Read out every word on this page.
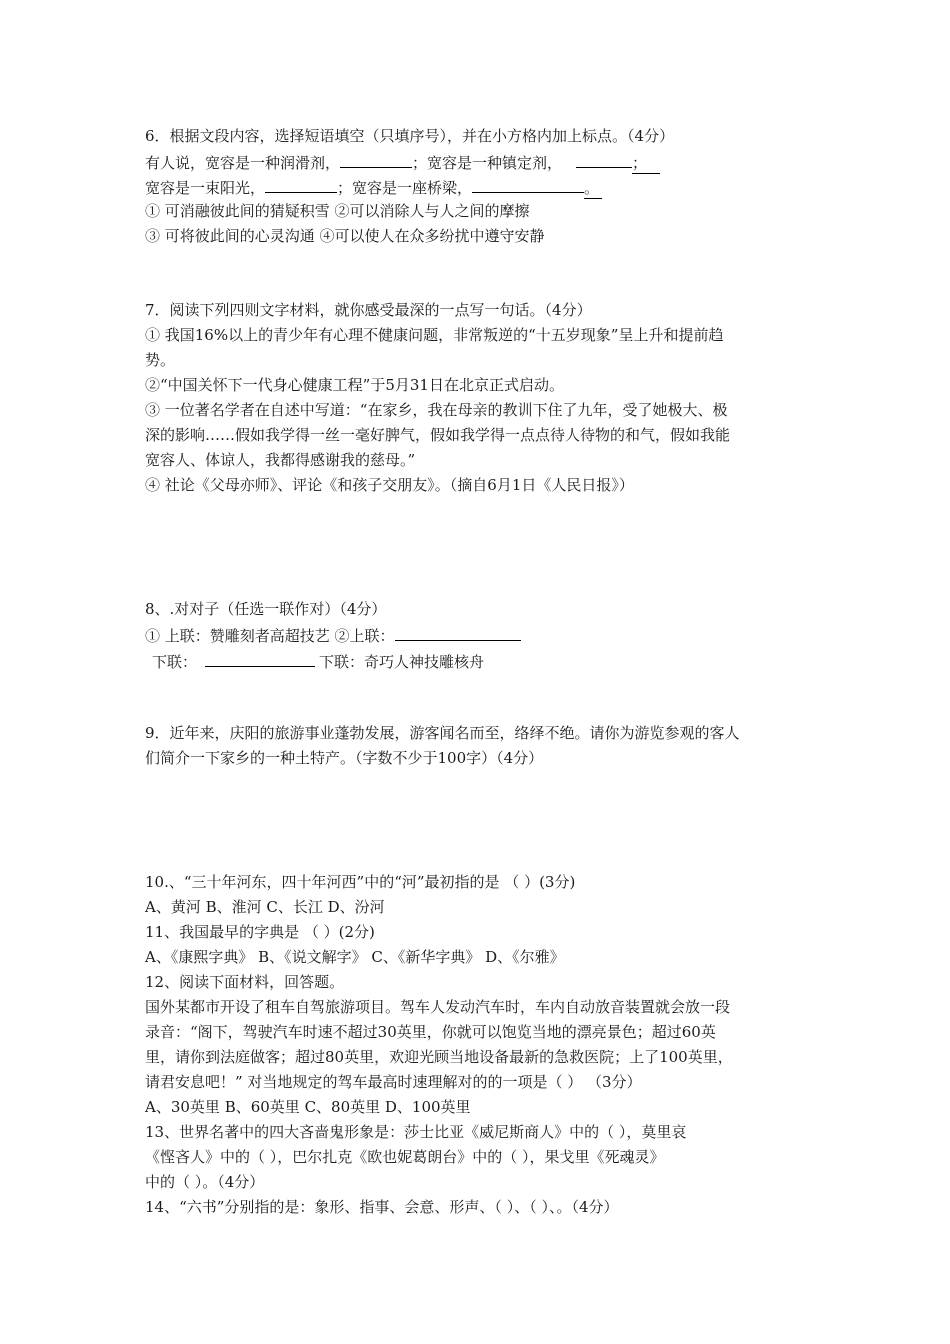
6．根据文段内容，选择短语填空（只填序号），并在小方格内加上标点。（4分）
有人说，宽容是一种润滑剂，	；宽容是一种镇定剂，	；
宽容是一束阳光，	；宽容是一座桥梁，	。
① 可消融彼此间的猜疑积雪 ②可以消除人与人之间的摩擦
③ 可将彼此间的心灵沟通 ④可以使人在众多纷扰中遵守安静
7．阅读下列四则文字材料，就你感受最深的一点写一句话。（4分）
① 我国16%以上的青少年有心理不健康问题，非常叛逆的“十五岁现象”呈上升和提前趋
势。
②“中国关怀下一代身心健康工程”于5月31日在北京正式启动。
③ 一位著名学者在自述中写道：“在家乡，我在母亲的教训下住了九年，受了她极大、极
深的影响……假如我学得一丝一毫好脾气，假如我学得一点点待人待物的和气，假如我能
宽容人、体谅人，我都得感谢我的慈母。”
④ 社论《父母亦师》、评论《和孩子交朋友》。（摘自6月1日《人民日报》）
8、.对对子（任选一联作对）（4分）
① 上联：赞雕刻者高超技艺 ②上联：
下联：	下联：奇巧人神技雕核舟
9．近年来，庆阳的旅游事业蓬勃发展，游客闻名而至，络绎不绝。请你为游览参观的客人
们简介一下家乡的一种土特产。（字数不少于100字）（4分）
10.、“三十年河东，四十年河西”中的“河”最初指的是 （ ）(3分)
A、黄河 B、淮河 C、长江 D、汾河
11、我国最早的字典是 （ ）(2分)
A、《康熙字典》 B、《说文解字》 C、《新华字典》 D、《尔雅》
12、阅读下面材料，回答题。
国外某都市开设了租车自驾旅游项目。驾车人发动汽车时，车内自动放音装置就会放一段
录音：“阁下，驾驶汽车时速不超过30英里，你就可以饱览当地的漂亮景色；超过60英
里，请你到法庭做客；超过80英里，欢迎光顾当地设备最新的急救医院；上了100英里，
请君安息吧！” 对当地规定的驾车最高时速理解对的的一项是（ ） （3分）
A、30英里 B、60英里 C、80英里 D、100英里
13、世界名著中的四大吝啬鬼形象是：莎士比亚《威尼斯商人》中的（ ），莫里哀
《悭吝人》中的（ ），巴尔扎克《欧也妮葛朗台》中的（ ），果戈里《死魂灵》
中的（ ）。（4分）
14、“六书”分别指的是：象形、指事、会意、形声、（ ）、（ ）、。（4分）
